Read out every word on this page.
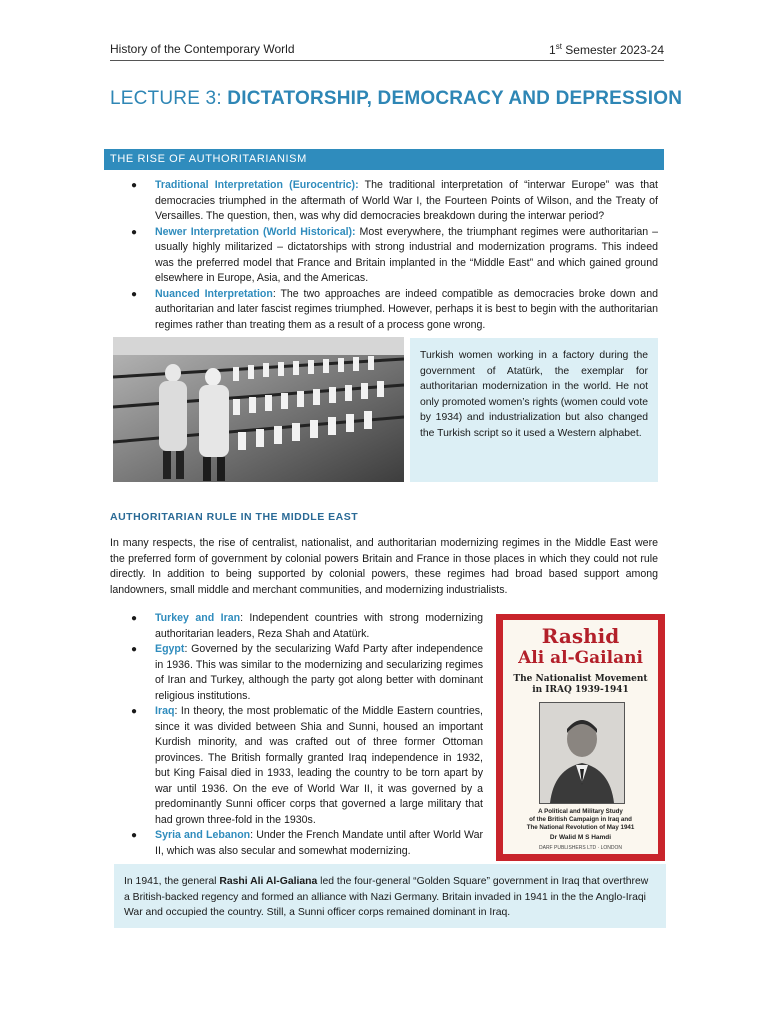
History of the Contemporary World	1st Semester 2023-24
LECTURE 3: DICTATORSHIP, DEMOCRACY AND DEPRESSION
THE RISE OF AUTHORITARIANISM
● Traditional Interpretation (Eurocentric): The traditional interpretation of “interwar Europe” was that democracies triumphed in the aftermath of World War I, the Fourteen Points of Wilson, and the Treaty of Versailles. The question, then, was why did democracies breakdown during the interwar period?
● Newer Interpretation (World Historical): Most everywhere, the triumphant regimes were authoritarian – usually highly militarized – dictatorships with strong industrial and modernization programs. This indeed was the preferred model that France and Britain implanted in the “Middle East” and which gained ground elsewhere in Europe, Asia, and the Americas.
● Nuanced Interpretation: The two approaches are indeed compatible as democracies broke down and authoritarian and later fascist regimes triumphed. However, perhaps it is best to begin with the authoritarian regimes rather than treating them as a result of a process gone wrong.
Turkish women working in a factory during the government of Atatürk, the exemplar for authoritarian modernization in the world. He not only promoted women’s rights (women could vote by 1934) and industrialization but also changed the Turkish script so it used a Western alphabet.
AUTHORITARIAN RULE IN THE MIDDLE EAST
In many respects, the rise of centralist, nationalist, and authoritarian modernizing regimes in the Middle East were the preferred form of government by colonial powers Britain and France in those places in which they could not rule directly. In addition to being supported by colonial powers, these regimes had broad based support among landowners, small middle and merchant communities, and modernizing industrialists.
● Turkey and Iran: Independent countries with strong modernizing authoritarian leaders, Reza Shah and Atatürk.
● Egypt: Governed by the secularizing Wafd Party after independence in 1936. This was similar to the modernizing and secularizing regimes of Iran and Turkey, although the party got along better with dominant religious institutions.
● Iraq: In theory, the most problematic of the Middle Eastern countries, since it was divided between Shia and Sunni, housed an important Kurdish minority, and was crafted out of three former Ottoman provinces. The British formally granted Iraq independence in 1932, but King Faisal died in 1933, leading the country to be torn apart by war until 1936. On the eve of World War II, it was governed by a predominantly Sunni officer corps that governed a large military that had grown three-fold in the 1930s.
● Syria and Lebanon: Under the French Mandate until after World War II, which was also secular and somewhat modernizing.
Rashid
Ali al-Gailani
The Nationalist Movement
in IRAQ 1939-1941
A Political and Military Study
of the British Campaign in Iraq and
The National Revolution of May 1941
Dr Walid M S Hamdi
DARF PUBLISHERS LTD · LONDON
In 1941, the general Rashi Ali Al-Galiana led the four-general “Golden Square” government in Iraq that overthrew a British-backed regency and formed an alliance with Nazi Germany. Britain invaded in 1941 in the the Anglo-Iraqi War and occupied the country. Still, a Sunni officer corps remained dominant in Iraq.
